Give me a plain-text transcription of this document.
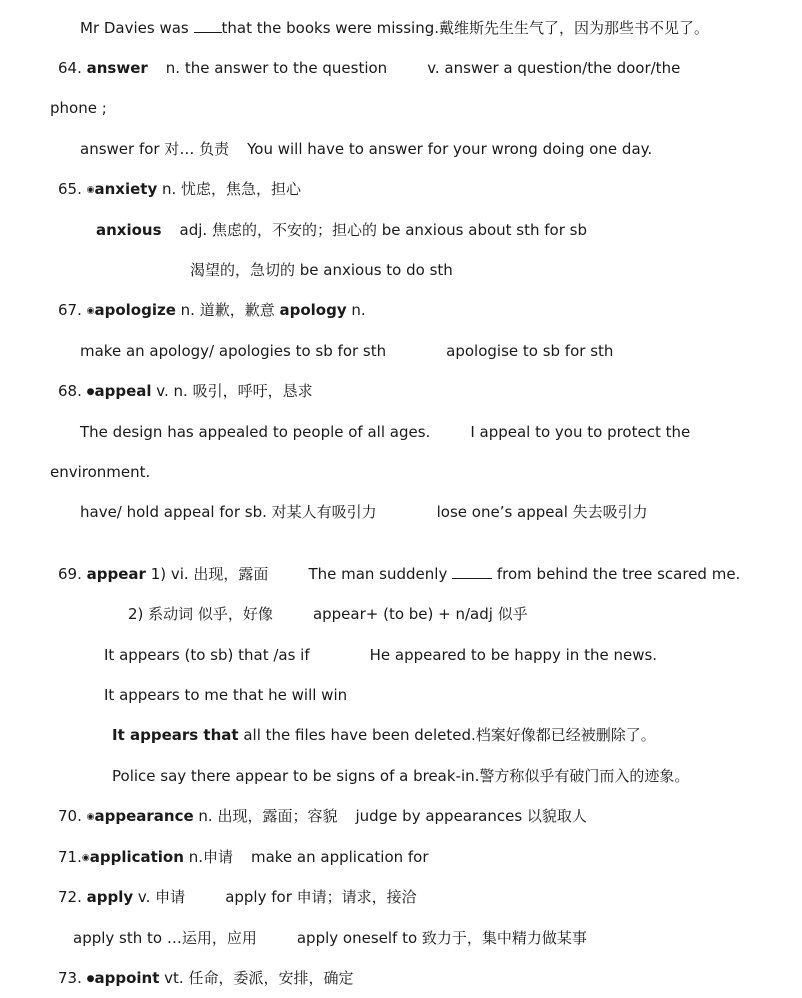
Mr Davies was that the books were missing.戴维斯先生生气了，因为那些书不见了。
64. answer n. the answer to the question	v. answer a question/the door/the
phone ;
answer for 对… 负责 You will have to answer for your wrong doing one day.
65. ◉anxiety n. 忧虑，焦急，担心
anxious adj. 焦虑的，不安的；担心的 be anxious about sth for sb
渴望的，急切的 be anxious to do sth
67. ◉apologize n. 道歉，歉意 apology n.
make an apology/ apologies to sb for sth	apologise to sb for sth
68. ●appeal v. n. 吸引，呼吁，恳求
The design has appealed to people of all ages.	I appeal to you to protect the
environment.
have/ hold appeal for sb. 对某人有吸引力	lose one’s appeal 失去吸引力
69. appear 1) vi. 出现，露面	The man suddenly	from behind the tree scared me.
2) 系动词 似乎，好像	appear+ (to be) + n/adj 似乎
It appears (to sb) that /as if	He appeared to be happy in the news.
It appears to me that he will win
It appears that all the files have been deleted.档案好像都已经被删除了。
Police say there appear to be signs of a break-in.警方称似乎有破门而入的迹象。
70. ◉appearance n. 出现，露面；容貌 judge by appearances 以貌取人
71.◉application n.申请 make an application for
72. apply v. 申请	apply for 申请；请求，接洽
apply sth to …运用，应用	apply oneself to 致力于，集中精力做某事
73. ●appoint vt. 任命，委派，安排，确定
